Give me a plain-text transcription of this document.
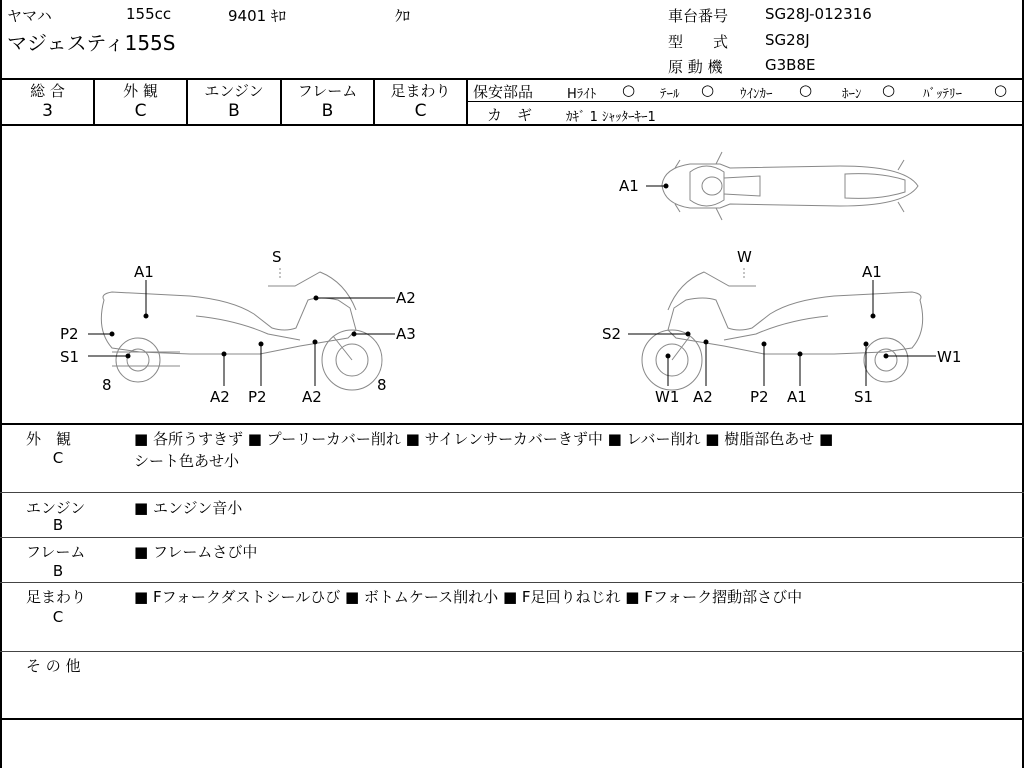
ヤマハ	155cc	9401 ｷﾛ	ｸﾛ
マジェスティ155S
車台番号 SG28J-012316
型　　式 SG28J
原 動 機	G3B8E
総 合
3
外 観
C
エンジン
B
フレーム
B
足まわり
C
保安部品	Hﾗｲﾄ ○ ﾃｰﾙ ○ ｳｲﾝｶｰ ○ ﾎｰﾝ ○ ﾊﾞｯﾃﾘｰ ○
カ　ギ	ｶｷﾞ 1 ｼｬｯﾀｰｷｰ1
A1
S
A1
A2
A3
P2
S1
8	8
A2 P2 A2
W
A1
S2
W1
W1 A2 P2 A1	S1
外　観
C
■ 各所うすきず ■ プーリーカバー削れ ■ サイレンサーカバーきず中 ■ レバー削れ ■ 樹脂部色あせ ■
シート色あせ小
エンジン
B
■ エンジン音小
フレーム
B
■ フレームさび中
足まわり
C
■ Fフォークダストシールひび ■ ボトムケース削れ小 ■ F足回りねじれ ■ Fフォーク摺動部さび中
そ の 他
